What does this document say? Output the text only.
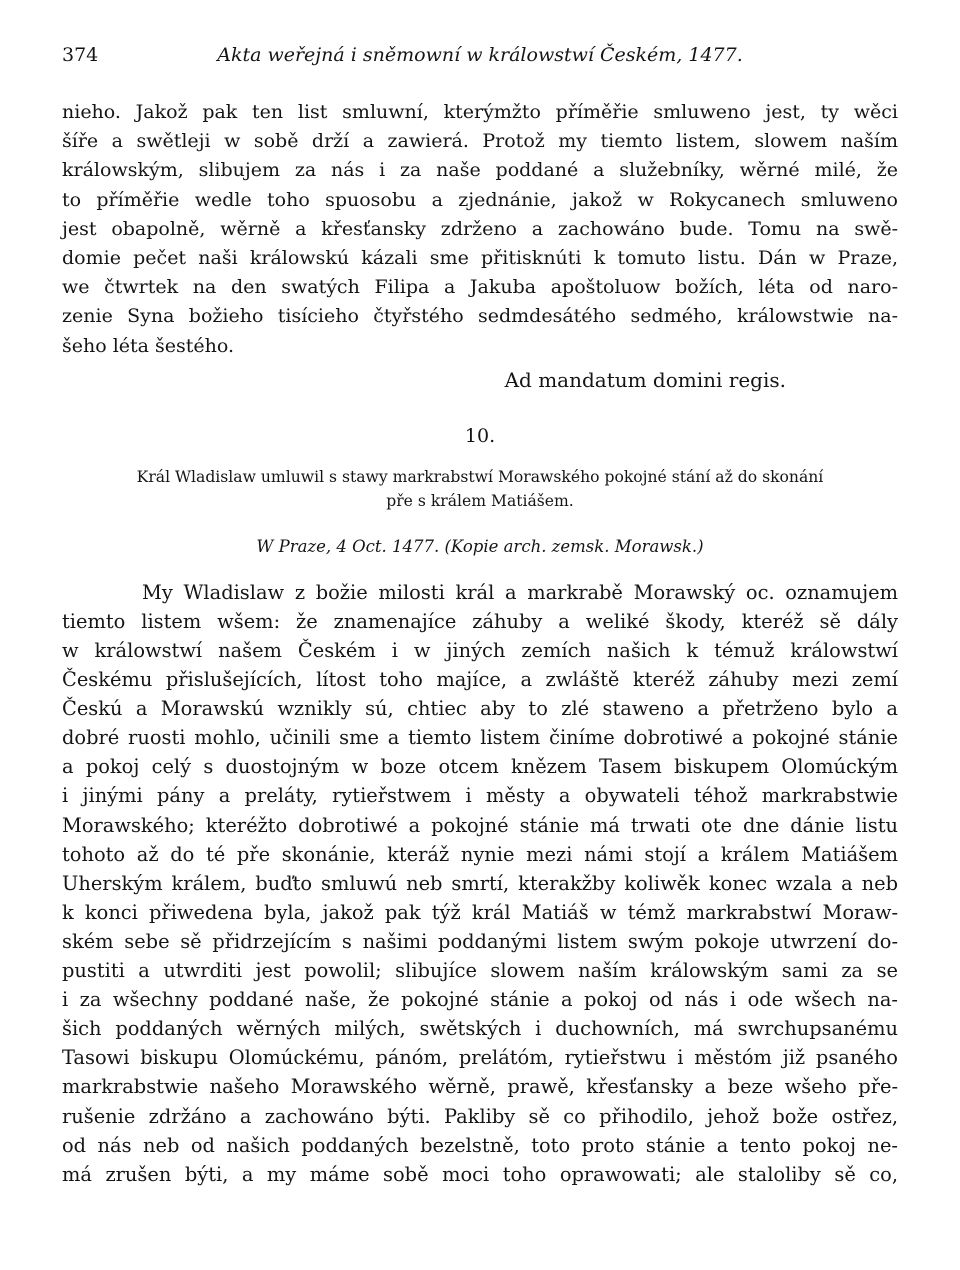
374	Akta weřejná i sněmowní w králowstwí Českém, 1477.
nieho. Jakož pak ten list smluwní, kterýmžto příměřie smluweno jest, ty wěci
šíře a swětleji w sobě drží a zawierá. Protož my tiemto listem, slowem naším
králowským, slibujem za nás i za naše poddané a služebníky, wěrné milé, že
to příměřie wedle toho spuosobu a zjednánie, jakož w Rokycanech smluweno
jest obapolně, wěrně a křesťansky zdrženo a zachowáno bude. Tomu na swě-
domie pečet naši králowskú kázali sme přitisknúti k tomuto listu. Dán w Praze,
we čtwrtek na den swatých Filipa a Jakuba apoštoluow božích, léta od naro-
zenie Syna božieho tisícieho čtyřstého sedmdesátého sedmého, králowstwie na-
šeho léta šestého.
Ad mandatum domini regis.
10.
Král Wladislaw umluwil s stawy markrabstwí Morawského pokojné stání až do skonání
pře s králem Matiášem.
W Praze, 4 Oct. 1477. (Kopie arch. zemsk. Morawsk.)
My Wladislaw z božie milosti král a markrabě Morawský oc. oznamujem
tiemto listem wšem: že znamenajíce záhuby a weliké škody, kteréž sě dály
w králowstwí našem Českém i w jiných zemích našich k témuž králowstwí
Českému přislušejících, lítost toho majíce, a zwláště kteréž záhuby mezi zemí
Českú a Morawskú wznikly sú, chtiec aby to zlé staweno a přetrženo bylo a
dobré ruosti mohlo, učinili sme a tiemto listem činíme dobrotiwé a pokojné stánie
a pokoj celý s duostojným w boze otcem knězem Tasem biskupem Olomúckým
i jinými pány a preláty, rytieřstwem i městy a obywateli téhož markrabstwie
Morawského; kteréžto dobrotiwé a pokojné stánie má trwati ote dne dánie listu
tohoto až do té pře skonánie, kteráž nynie mezi námi stojí a králem Matiášem
Uherským králem, buďto smluwú neb smrtí, kterakžby koliwěk konec wzala a neb
k konci přiwedena byla, jakož pak týž král Matiáš w témž markrabstwí Moraw-
ském sebe sě přidrzejícím s našimi poddanými listem swým pokoje utwrzení do-
pustiti a utwrditi jest powolil; slibujíce slowem naším králowským sami za se
i za wšechny poddané naše, že pokojné stánie a pokoj od nás i ode wšech na-
šich poddaných wěrných milých, swětských i duchowních, má swrchupsanému
Tasowi biskupu Olomúckému, pánóm, prelátóm, rytieřstwu i městóm již psaného
markrabstwie našeho Morawského wěrně, prawě, křesťansky a beze wšeho pře-
rušenie zdržáno a zachowáno býti. Pakliby sě co přihodilo, jehož bože ostřez,
od nás neb od našich poddaných bezelstně, toto proto stánie a tento pokoj ne-
má zrušen býti, a my máme sobě moci toho oprawowati; ale staloliby sě co,
